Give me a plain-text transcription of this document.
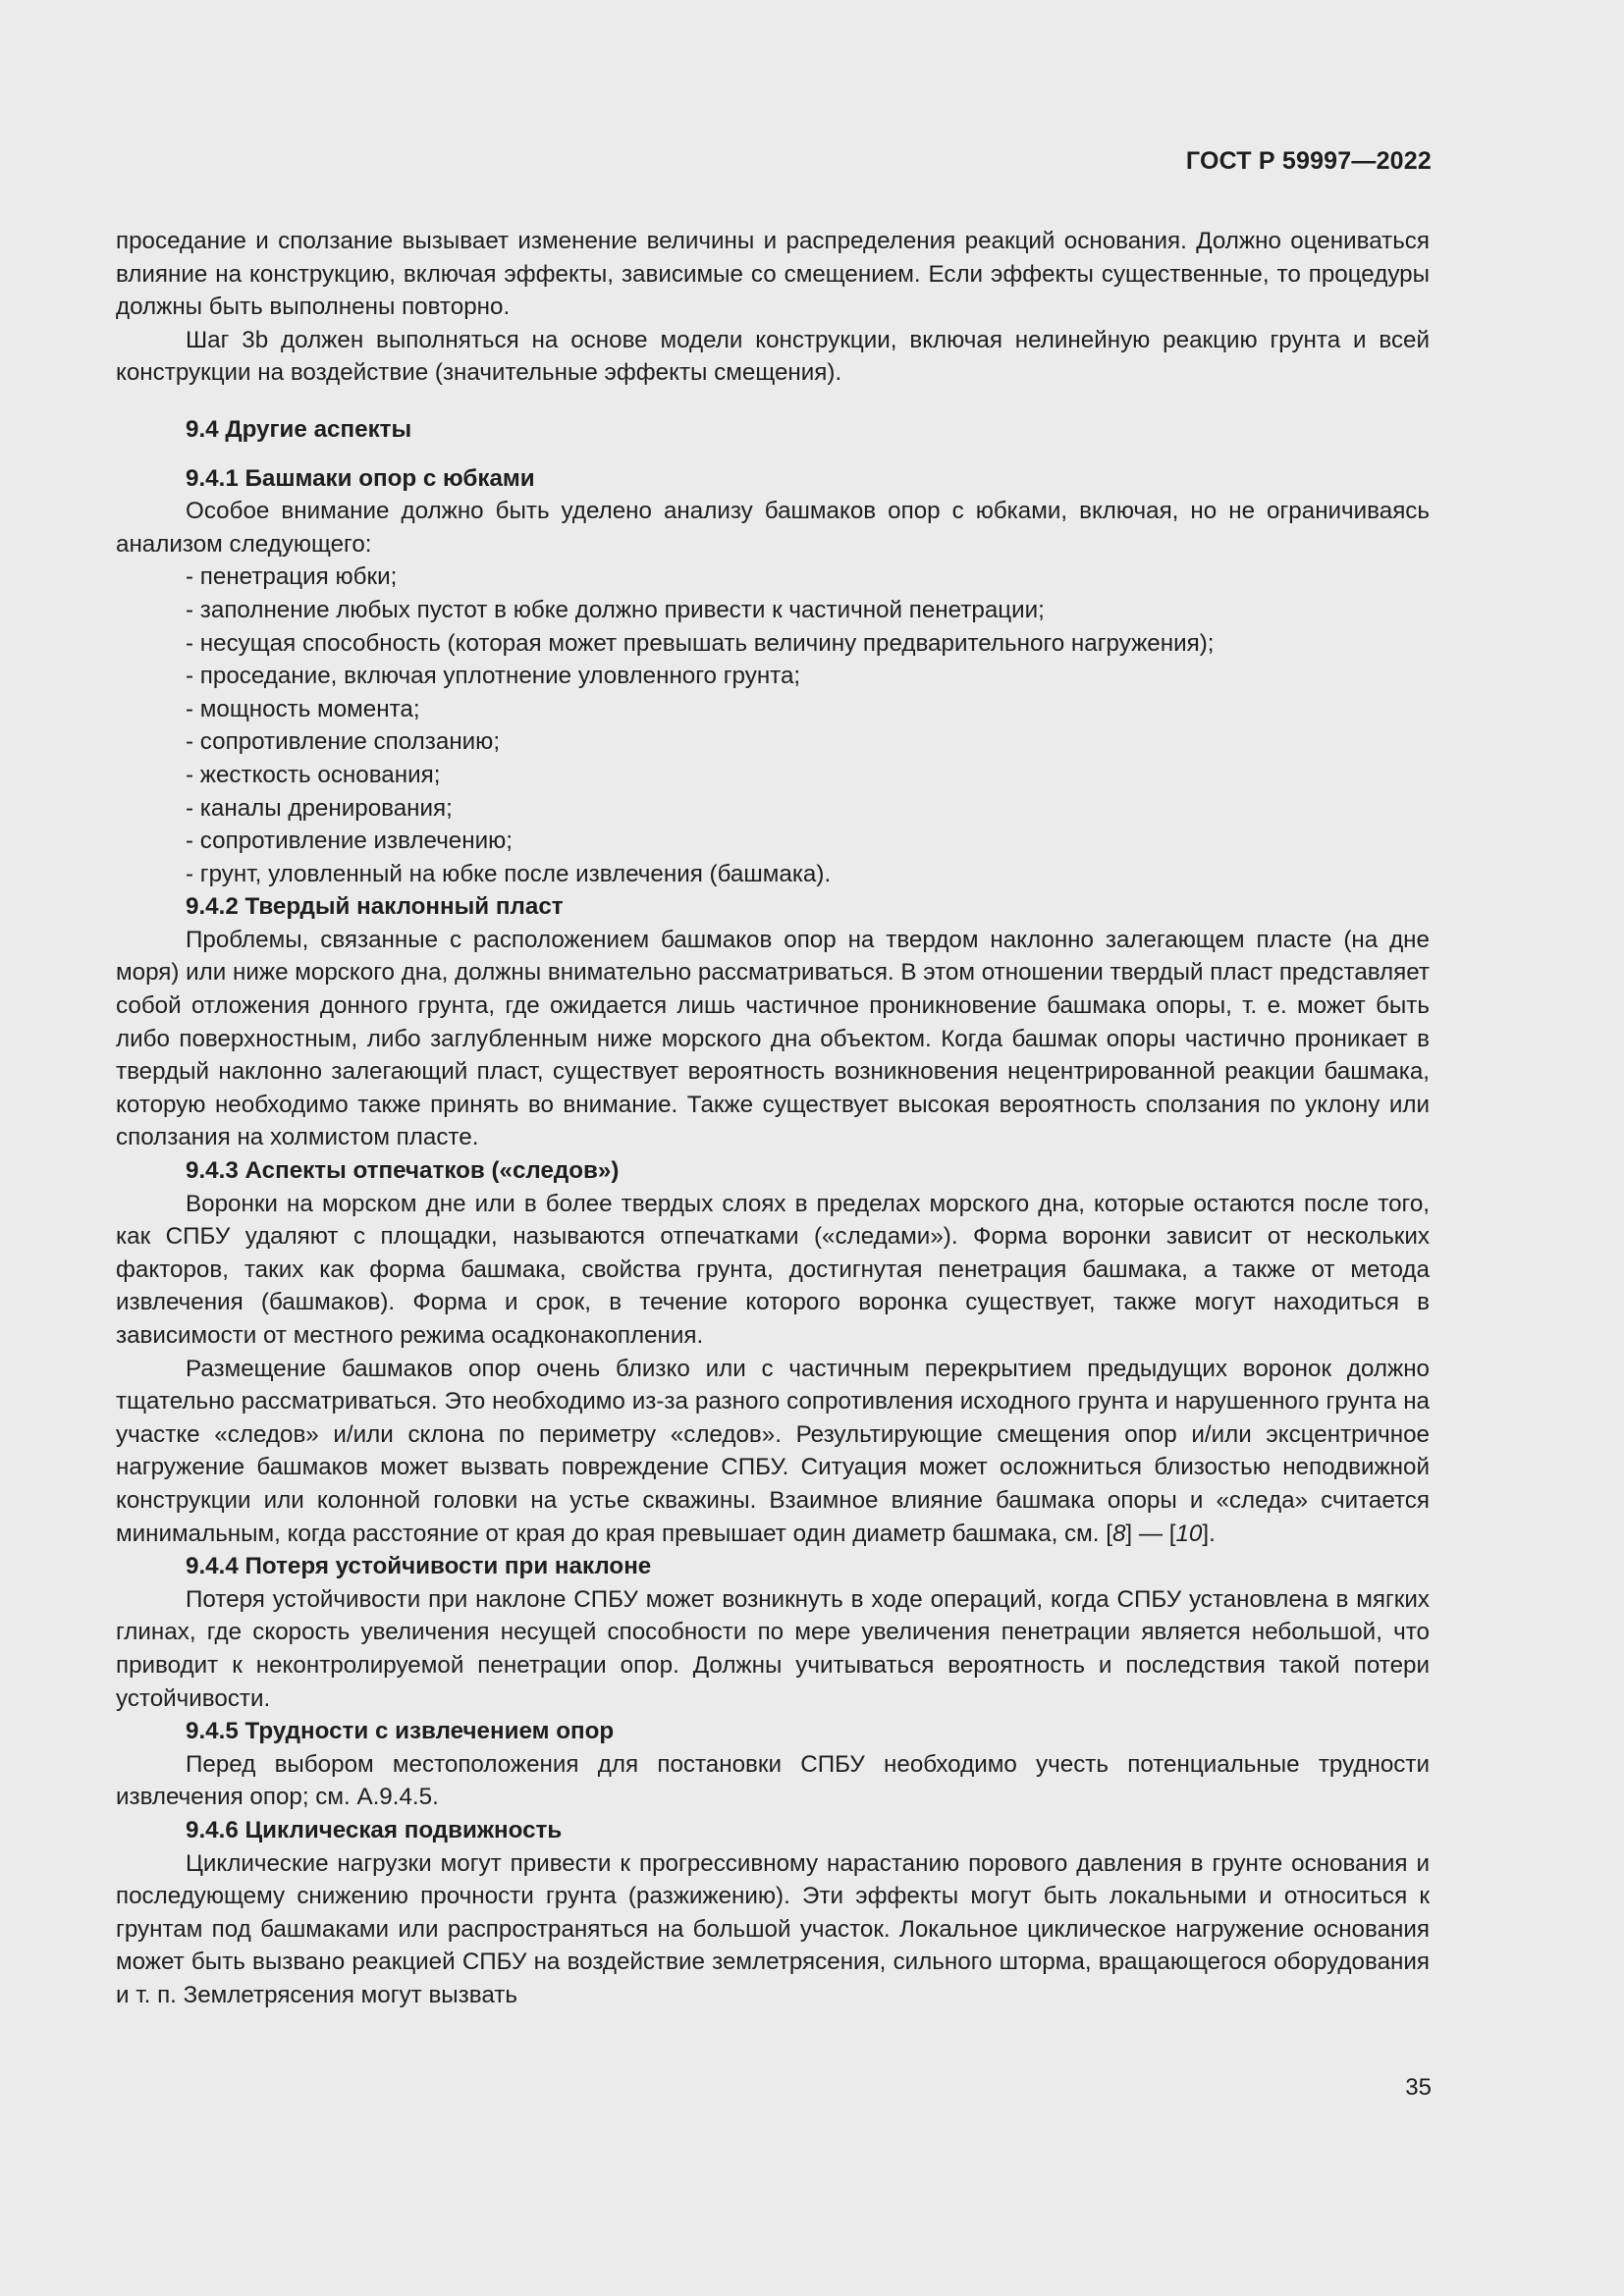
ГОСТ Р 59997—2022

проседание и сползание вызывает изменение величины и распределения реакций основания. Должно оцениваться влияние на конструкцию, включая эффекты, зависимые со смещением. Если эффекты существенные, то процедуры должны быть выполнены повторно.

Шаг 3b должен выполняться на основе модели конструкции, включая нелинейную реакцию грунта и всей конструкции на воздействие (значительные эффекты смещения).

9.4 Другие аспекты
9.4.1 Башмаки опор с юбками

Особое внимание должно быть уделено анализу башмаков опор с юбками, включая, но не ограничиваясь анализом следующего:

- пенетрация юбки;
- заполнение любых пустот в юбке должно привести к частичной пенетрации;
- несущая способность (которая может превышать величину предварительного нагружения);
- проседание, включая уплотнение уловленного грунта;
- мощность момента;
- сопротивление сползанию;
- жесткость основания;
- каналы дренирования;
- сопротивление извлечению;
- грунт, уловленный на юбке после извлечения (башмака).
9.4.2 Твердый наклонный пласт

Проблемы, связанные с расположением башмаков опор на твердом наклонно залегающем пласте (на дне моря) или ниже морского дна, должны внимательно рассматриваться. В этом отношении твердый пласт представляет собой отложения донного грунта, где ожидается лишь частичное проникновение башмака опоры, т. е. может быть либо поверхностным, либо заглубленным ниже морского дна объектом. Когда башмак опоры частично проникает в твердый наклонно залегающий пласт, существует вероятность возникновения нецентрированной реакции башмака, которую необходимо также принять во внимание. Также существует высокая вероятность сползания по уклону или сползания на холмистом пласте.

9.4.3 Аспекты отпечатков («следов»)

Воронки на морском дне или в более твердых слоях в пределах морского дна, которые остаются после того, как СПБУ удаляют с площадки, называются отпечатками («следами»). Форма воронки зависит от нескольких факторов, таких как форма башмака, свойства грунта, достигнутая пенетрация башмака, а также от метода извлечения (башмаков). Форма и срок, в течение которого воронка существует, также могут находиться в зависимости от местного режима осадконакопления.

Размещение башмаков опор очень близко или с частичным перекрытием предыдущих воронок должно тщательно рассматриваться. Это необходимо из-за разного сопротивления исходного грунта и нарушенного грунта на участке «следов» и/или склона по периметру «следов». Результирующие смещения опор и/или эксцентричное нагружение башмаков может вызвать повреждение СПБУ. Ситуация может осложниться близостью неподвижной конструкции или колонной головки на устье скважины. Взаимное влияние башмака опоры и «следа» считается минимальным, когда расстояние от края до края превышает один диаметр башмака, см. [8] — [10].

9.4.4 Потеря устойчивости при наклоне

Потеря устойчивости при наклоне СПБУ может возникнуть в ходе операций, когда СПБУ установлена в мягких глинах, где скорость увеличения несущей способности по мере увеличения пенетрации является небольшой, что приводит к неконтролируемой пенетрации опор. Должны учитываться вероятность и последствия такой потери устойчивости.

9.4.5 Трудности с извлечением опор

Перед выбором местоположения для постановки СПБУ необходимо учесть потенциальные трудности извлечения опор; см. А.9.4.5.

9.4.6 Циклическая подвижность

Циклические нагрузки могут привести к прогрессивному нарастанию порового давления в грунте основания и последующему снижению прочности грунта (разжижению). Эти эффекты могут быть локальными и относиться к грунтам под башмаками или распространяться на большой участок. Локальное циклическое нагружение основания может быть вызвано реакцией СПБУ на воздействие землетрясения, сильного шторма, вращающегося оборудования и т. п. Землетрясения могут вызвать

35
